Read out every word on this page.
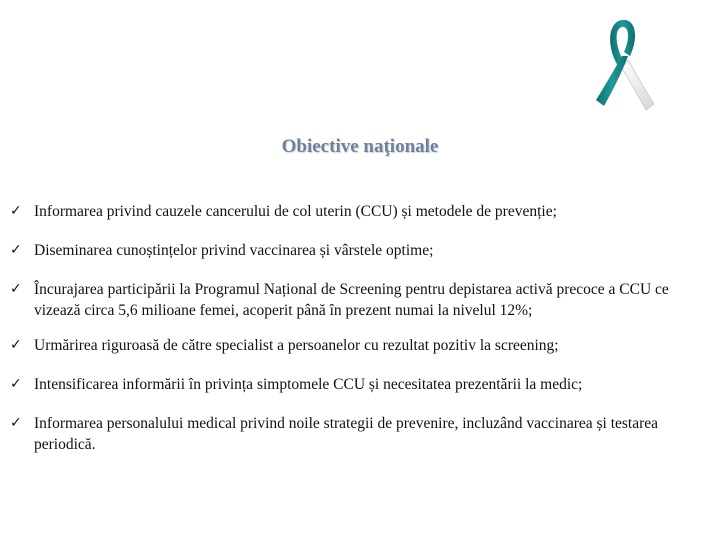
Obiective naţionale
✓ Informarea privind cauzele cancerului de col uterin (CCU) și metodele de prevenție;
✓ Diseminarea cunoștințelor privind vaccinarea și vârstele optime;
✓ Încurajarea participării la Programul Național de Screening pentru depistarea activă precoce a CCU ce vizează circa 5,6 milioane femei, acoperit până în prezent numai la nivelul 12%;
✓ Urmărirea riguroasă de către specialist a persoanelor cu rezultat pozitiv la screening;
✓ Intensificarea informării în privința simptomele CCU și necesitatea prezentării la medic;
✓ Informarea personalului medical privind noile strategii de prevenire, incluzând vaccinarea și testarea periodică.
